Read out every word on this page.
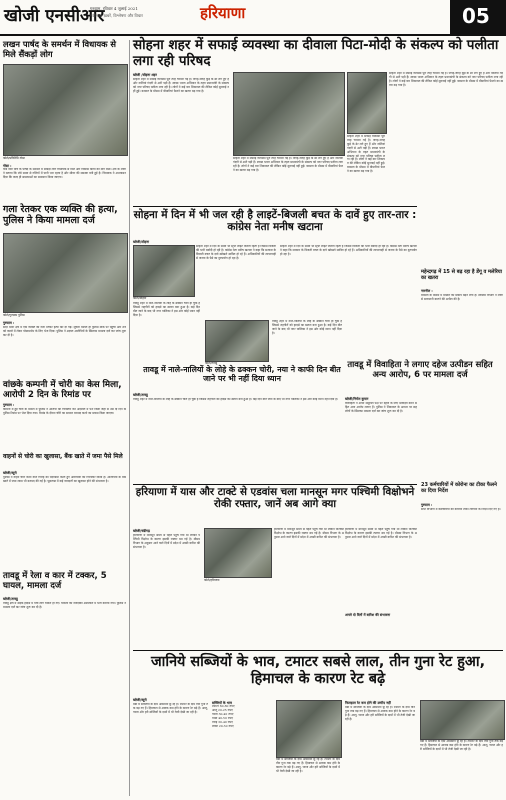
खोजी एनसीआर
गुरुग्राम, रविवार 4 जुलाई 2021
नवीनतम ख़बरें, विश्लेषण और विचार	हरियाणा	05
लखन पार्षद के समर्थन में विधायक से मिले सैंकड़ों लोग
फोटो/प्रतिनिधि गोसा
गोसा :
वार्ड नंबर पांच के पार्षद के समर्थन में सैंकड़ों लोग विधायक से मिले और विकास कार्यों की मांग रखी। क्षेत्र के लोगों ने बताया कि लंबे समय से गलियों में पानी भरा रहता है और सीवर की समस्या बनी हुई है। विधायक ने आश्वासन दिया कि जल्द ही समस्याओं का समाधान किया जाएगा।
गला रेतकर एक व्यक्ति की हत्या, पुलिस ने किया मामला दर्ज
फोटो/गुरुग्राम पुलिस
गुरुग्राम :
सदर थाना क्षेत्र में एक व्यक्ति की गला रेतकर हत्या कर दी गई। सूचना मिलते ही पुलिस मौके पर पहुंची और शव को कब्जे में लेकर पोस्टमार्टम के लिए भेज दिया। पुलिस ने अज्ञात आरोपियों के खिलाफ मामला दर्ज कर जांच शुरू कर दी है।
वांछके कम्पनी में चोरी का केस मिला, आरोपी 2 दिन के रिमांड पर
गुरुग्राम :
कम्पनी में हुई चोरी के मामले में पुलिस ने आरोपी को गिरफ्तार कर अदालत में पेश किया जहां से उसे दो दिन के पुलिस रिमांड पर भेज दिया गया। रिमांड के दौरान चोरी का सामान बरामद करने का प्रयास किया जाएगा।
वाहनों से चोरी का खुलासा, बैंक खाते में जमा पैसे मिले
खोजी/ब्यूरो
पुलिस ने वाहन चोरी करने वाले गिरोह का पर्दाफाश करते हुए आरोपियों को गिरफ्तार किया है। आरोपियों के बैंक खाते में जमा रकम भी बरामद की गई है। पूछताछ में कई वारदातों का खुलासा होने की संभावना है।
तावडू में रेला व कार में टक्कर, 5 घायल, मामला दर्ज
खोजी/तावडू
तावडू क्षेत्र में सड़क हादसे में पांच लोग घायल हो गए। घायलों को नजदीकी अस्पताल में भर्ती कराया गया। पुलिस ने मामला दर्ज कर जांच शुरू कर दी है।
सोहना शहर में सफाई व्यवस्था का दीवाला पिटा-मोदी के संकल्प को पलीता लगा रही परिषद
खोजी /सोहना शहर
सोहना शहर में सफाई व्यवस्था पूरी तरह चरमरा गई है। जगह-जगह कूड़े के ढेर लगे हुए हैं और नालियां गंदगी से अटी पड़ी हैं। स्वच्छ भारत अभियान के तहत प्रधानमंत्री के संकल्प को नगर परिषद पलीता लगा रही है। लोगों ने कई बार शिकायत की लेकिन कोई सुनवाई नहीं हुई। बरसात के मौसम में बीमारियां फैलने का खतरा बढ़ गया है।
सोहना शहर में सफाई व्यवस्था पूरी तरह चरमरा गई है। जगह-जगह कूड़े के ढेर लगे हुए हैं और नालियां गंदगी से अटी पड़ी हैं। स्वच्छ भारत अभियान के तहत प्रधानमंत्री के संकल्प को नगर परिषद पलीता लगा रही है। लोगों ने कई बार शिकायत की लेकिन कोई सुनवाई नहीं हुई। बरसात के मौसम में बीमारियां फैलने का खतरा बढ़ गया है।
सोहना शहर में सफाई व्यवस्था पूरी तरह चरमरा गई है। जगह-जगह कूड़े के ढेर लगे हुए हैं और नालियां गंदगी से अटी पड़ी हैं। स्वच्छ भारत अभियान के तहत प्रधानमंत्री के संकल्प को नगर परिषद पलीता लगा रही है। लोगों ने कई बार शिकायत की लेकिन कोई सुनवाई नहीं हुई। बरसात के मौसम में बीमारियां फैलने का खतरा बढ़ गया है।
सोहना शहर में सफाई व्यवस्था पूरी तरह चरमरा गई है। जगह-जगह कूड़े के ढेर लगे हुए हैं और नालियां गंदगी से अटी पड़ी हैं। स्वच्छ भारत अभियान के तहत प्रधानमंत्री के संकल्प को नगर परिषद पलीता लगा रही है। लोगों ने कई बार शिकायत की लेकिन कोई सुनवाई नहीं हुई। बरसात के मौसम में बीमारियां फैलने का खतरा बढ़ गया है।
महेन्द्रगढ़ में 15 से बढ़ रहा है डेंगू व मलेरिया का खतरा
नारनौल :
बरसात के मौसम में मच्छरों का प्रकोप बढ़ने लगा है। स्वास्थ्य विभाग ने लोगों से सावधानी बरतने की अपील की है।
23 कर्मचारियों में कोरोना का टीका फैलने का दिया निर्देश
गुरुग्राम :
सभी विभागों में कर्मचारियों को कोरोना टीका लगवाने के निर्देश दिए गए हैं।
सोहना में दिन में भी जल रही है लाइटें-बिजली बचत के दावें हुए तार-तार : कांग्रेस नेता मनीष खटाना
खोजी/सोहना
फोटो/सोहना
सोहना शहर में दिन के समय भी स्ट्रीट लाइटें जलती रहती हैं जिससे बिजली की भारी बर्बादी हो रही है। कांग्रेस नेता मनीष खटाना ने कहा कि सरकार के बिजली बचत के दावे खोखले साबित हो रहे हैं। अधिकारियों की लापरवाही से जनता के पैसे का दुरुपयोग हो रहा है।
सोहना शहर में दिन के समय भी स्ट्रीट लाइटें जलती रहती हैं जिससे बिजली की भारी बर्बादी हो रही है। कांग्रेस नेता मनीष खटाना ने कहा कि सरकार के बिजली बचत के दावे खोखले साबित हो रहे हैं। अधिकारियों की लापरवाही से जनता के पैसे का दुरुपयोग हो रहा है।
तावडू शहर में नाले-नालियों के लोहे के ढक्कन चोरी हो चुके हैं जिससे राहगीरों को हादसे का खतरा बना हुआ है। कई दिन बीत जाने के बाद भी नगर पालिका ने इस ओर कोई ध्यान नहीं दिया है।
फोटो/तावडू
तावडू शहर में नाले-नालियों के लोहे के ढक्कन चोरी हो चुके हैं जिससे राहगीरों को हादसे का खतरा बना हुआ है। कई दिन बीत जाने के बाद भी नगर पालिका ने इस ओर कोई ध्यान नहीं दिया है।
तावडू में नाले-नालियों के लोहे के ढक्कन चोरी, नया ने काफी दिन बीत जाने पर भी नहीं दिया ध्यान
खोजी/तावडू
तावडू शहर में नाले-नालियों के लोहे के ढक्कन चोरी हो चुके हैं जिससे राहगीरों को हादसे का खतरा बना हुआ है। कई दिन बीत जाने के बाद भी नगर पालिका ने इस ओर कोई ध्यान नहीं दिया है।
तावडू में विवाहिता ने लगाए दहेज उत्पीडन सहित अन्य आरोप, 6 पर मामला दर्ज
खोजी/निर्मल कुमार
विवाहिता ने अपने ससुराल पक्ष पर दहेज के लिए प्रताड़ित करने सहित अन्य आरोप लगाए हैं। पुलिस ने शिकायत के आधार पर छह लोगों के खिलाफ मामला दर्ज कर जांच शुरू कर दी है।
हरियाणा में यास और टाक्टे से एडवांस चला मानसून मगर पश्चिमी विक्षोभने रोकी रफ्तार, जानें अब आगे क्या
खोजी/चंडीगढ़
हरियाणा में मानसून समय से पहले पहुंच गया था लेकिन पश्चिमी विक्षोभ के कारण इसकी रफ्तार थम गई है। मौसम विभाग के अनुसार आने वाले दिनों में प्रदेश में अच्छी बारिश की संभावना है।
फोटो/हरियाणा
हरियाणा में मानसून समय से पहले पहुंच गया था लेकिन पश्चिमी विक्षोभ के कारण इसकी रफ्तार थम गई है। मौसम विभाग के अनुसार आने वाले दिनों में प्रदेश में अच्छी बारिश की संभावना है।
अगले दो दिनों में बारिश की संभावना
हरियाणा में मानसून समय से पहले पहुंच गया था लेकिन पश्चिमी विक्षोभ के कारण इसकी रफ्तार थम गई है। मौसम विभाग के अनुसार आने वाले दिनों में प्रदेश में अच्छी बारिश की संभावना है।
जानिये सब्जियों के भाव, टमाटर सबसे लाल, तीन गुना रेट हुआ, हिमाचल के कारण रेट बढ़े
खोजी/ब्यूरो
मंडी में सब्जियों के दाम आसमान छू रहे हैं। टमाटर के दाम तीन गुना तक बढ़ गए हैं। हिमाचल से आवक कम होने के कारण रेट बढ़े हैं। आलू, प्याज और हरी सब्जियों के दामों में भी तेजी देखी जा रही है।
सब्जियों के भाव
टमाटर 60-80 रुपए
आलू 20-25 रुपए
प्याज 30-40 रुपए
भिंडी 40-50 रुपए
तोरई 30-40 रुपए
लौकी 20-30 रुपए
मंडी में सब्जियों के दाम आसमान छू रहे हैं। टमाटर के दाम तीन गुना तक बढ़ गए हैं। हिमाचल से आवक कम होने के कारण रेट बढ़े हैं। आलू, प्याज और हरी सब्जियों के दामों में भी तेजी देखी जा रही है।
फिलहाल रेट कम होने की उम्मीद नहीं
मंडी में सब्जियों के दाम आसमान छू रहे हैं। टमाटर के दाम तीन गुना तक बढ़ गए हैं। हिमाचल से आवक कम होने के कारण रेट बढ़े हैं। आलू, प्याज और हरी सब्जियों के दामों में भी तेजी देखी जा रही है।
मंडी में सब्जियों के दाम आसमान छू रहे हैं। टमाटर के दाम तीन गुना तक बढ़ गए हैं। हिमाचल से आवक कम होने के कारण रेट बढ़े हैं। आलू, प्याज और हरी सब्जियों के दामों में भी तेजी देखी जा रही है।
